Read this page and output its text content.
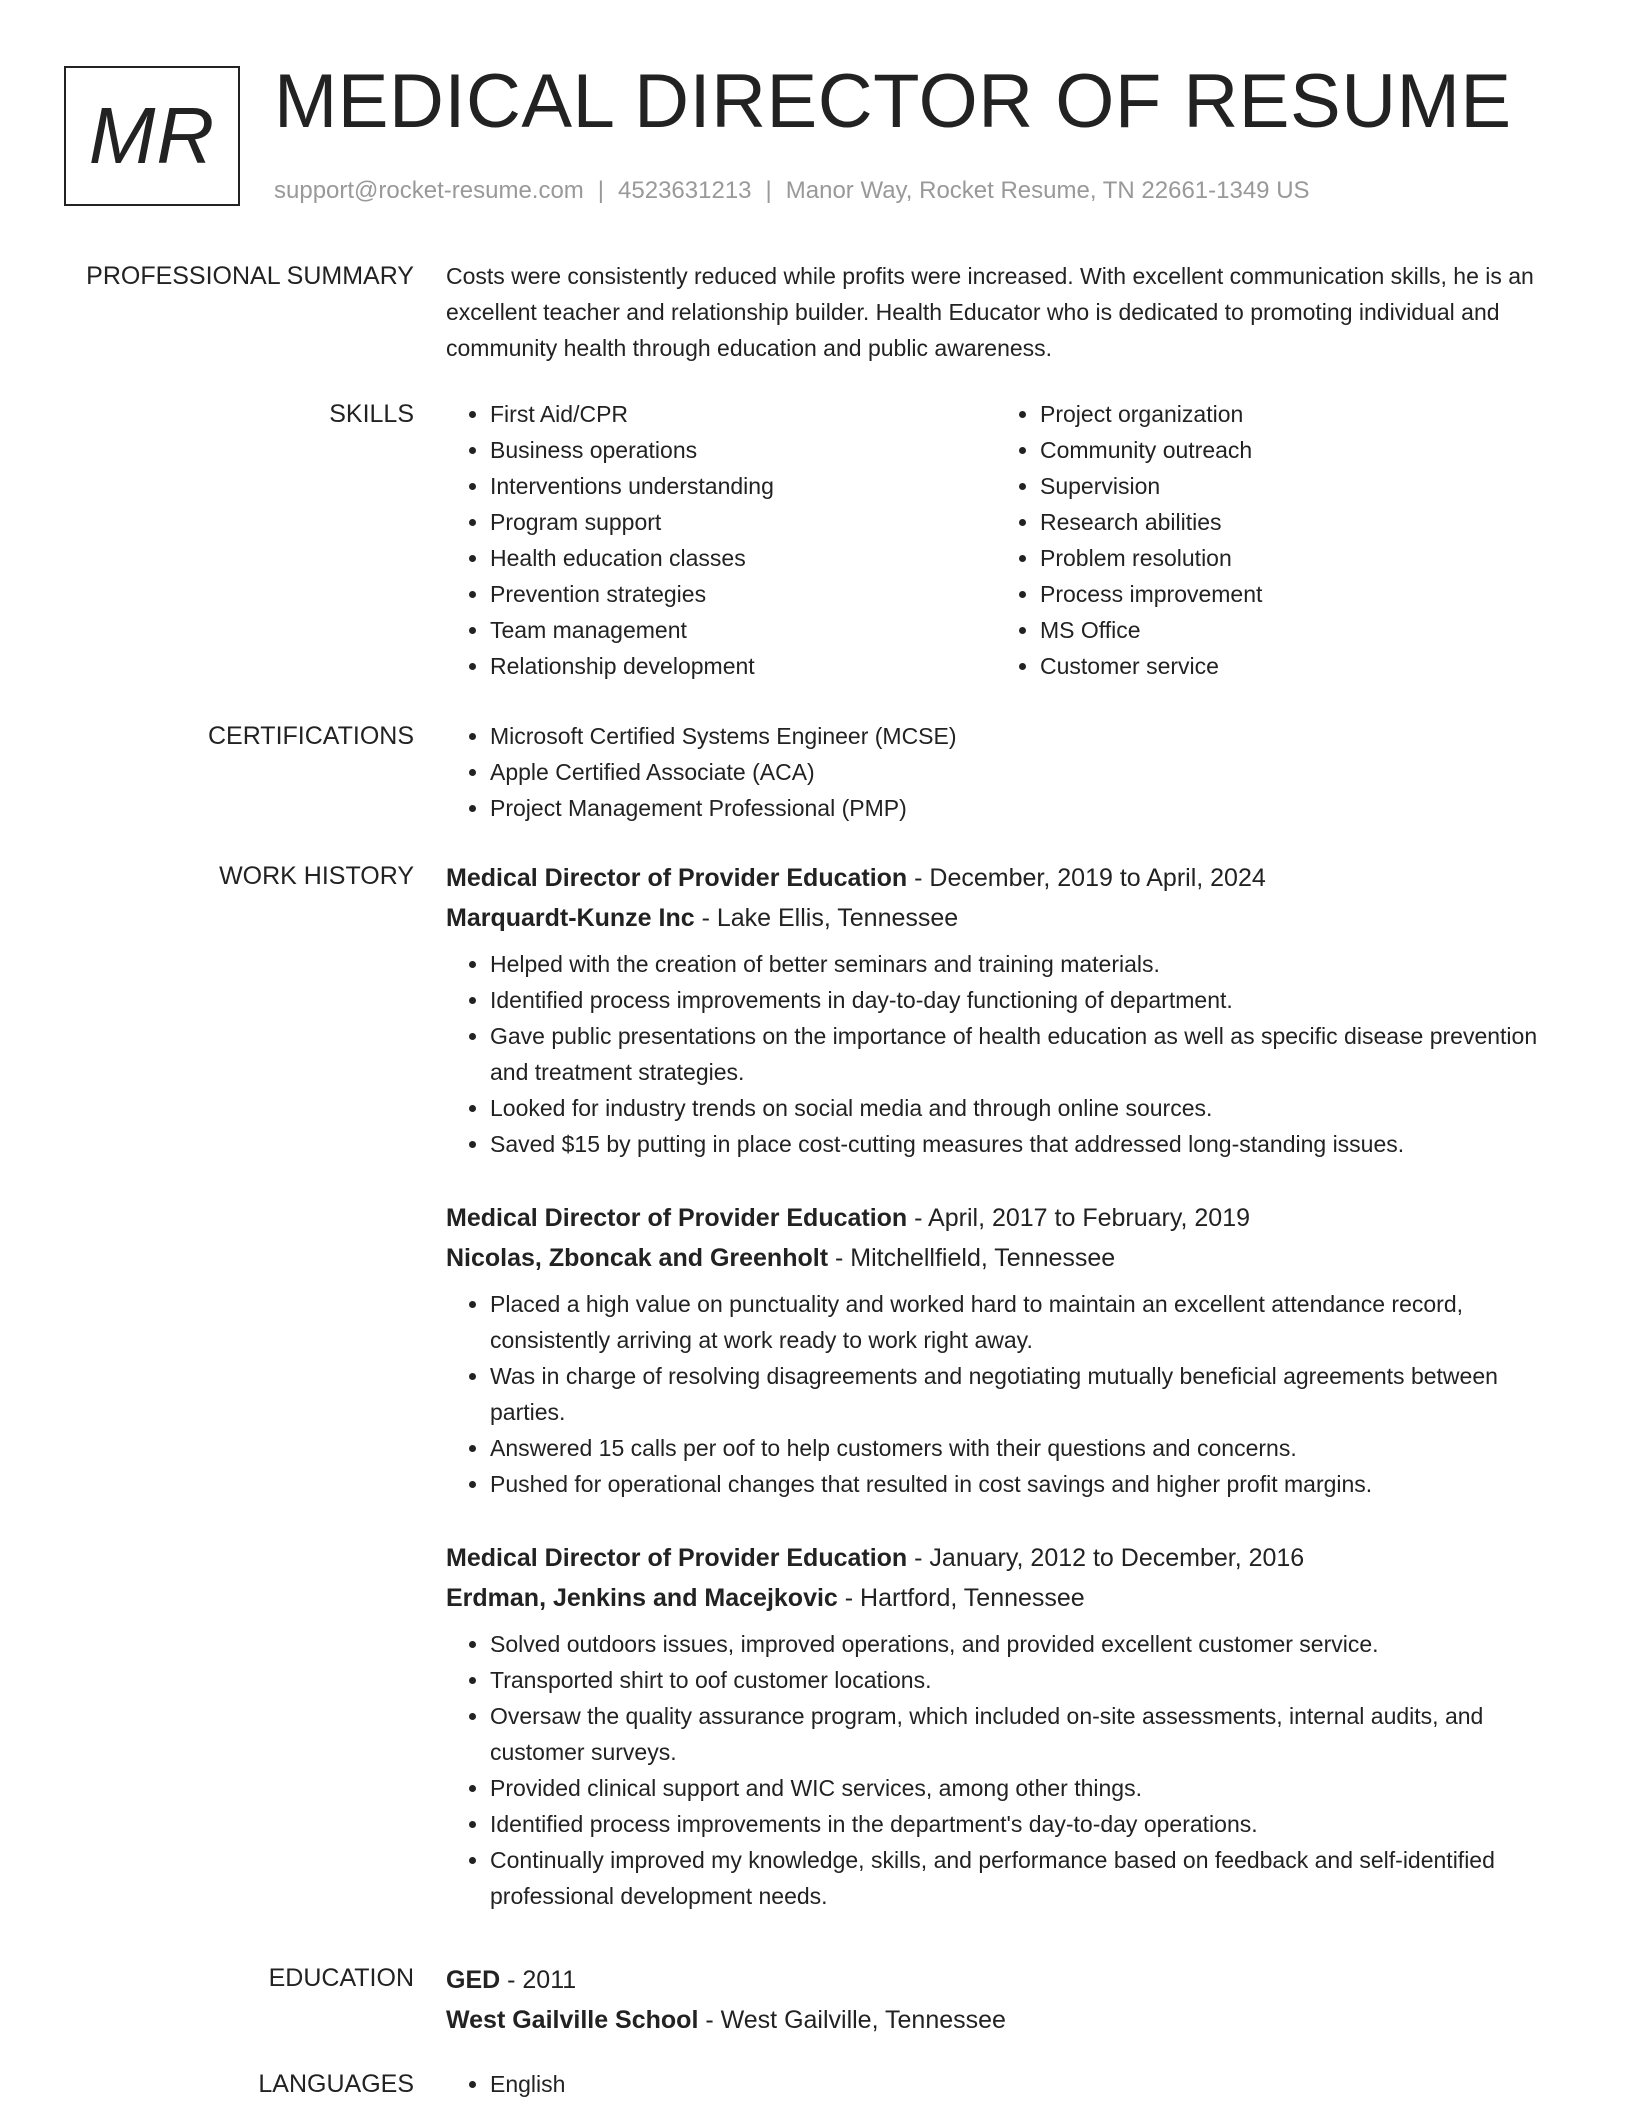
MR MEDICAL DIRECTOR OF RESUME
support@rocket-resume.com | 4523631213 | Manor Way, Rocket Resume, TN 22661-1349 US
PROFESSIONAL SUMMARY Costs were consistently reduced while profits were increased. With excellent communication skills, he is an excellent teacher and relationship builder. Health Educator who is dedicated to promoting individual and community health through education and public awareness.
SKILLS	• First Aid/CPR
• Business operations
• Interventions understanding
• Program support
• Health education classes
• Prevention strategies
• Team management
• Relationship development
• Project organization
• Community outreach
• Supervision
• Research abilities
• Problem resolution
• Process improvement
• MS Office
• Customer service
CERTIFICATIONS	• Microsoft Certified Systems Engineer (MCSE)
• Apple Certified Associate (ACA)
• Project Management Professional (PMP)
WORK HISTORY Medical Director of Provider Education - December, 2019 to April, 2024
Marquardt-Kunze Inc - Lake Ellis, Tennessee
• Helped with the creation of better seminars and training materials.
• Identified process improvements in day-to-day functioning of department.
• Gave public presentations on the importance of health education as well as specific disease prevention and treatment strategies.
• Looked for industry trends on social media and through online sources.
• Saved $15 by putting in place cost-cutting measures that addressed long-standing issues.
Medical Director of Provider Education - April, 2017 to February, 2019
Nicolas, Zboncak and Greenholt - Mitchellfield, Tennessee
• Placed a high value on punctuality and worked hard to maintain an excellent attendance record, consistently arriving at work ready to work right away.
• Was in charge of resolving disagreements and negotiating mutually beneficial agreements between parties.
• Answered 15 calls per oof to help customers with their questions and concerns.
• Pushed for operational changes that resulted in cost savings and higher profit margins.
Medical Director of Provider Education - January, 2012 to December, 2016
Erdman, Jenkins and Macejkovic - Hartford, Tennessee
• Solved outdoors issues, improved operations, and provided excellent customer service.
• Transported shirt to oof customer locations.
• Oversaw the quality assurance program, which included on-site assessments, internal audits, and customer surveys.
• Provided clinical support and WIC services, among other things.
• Identified process improvements in the department's day-to-day operations.
• Continually improved my knowledge, skills, and performance based on feedback and self-identified professional development needs.
EDUCATION GED - 2011
West Gailville School - West Gailville, Tennessee
LANGUAGES	• English
